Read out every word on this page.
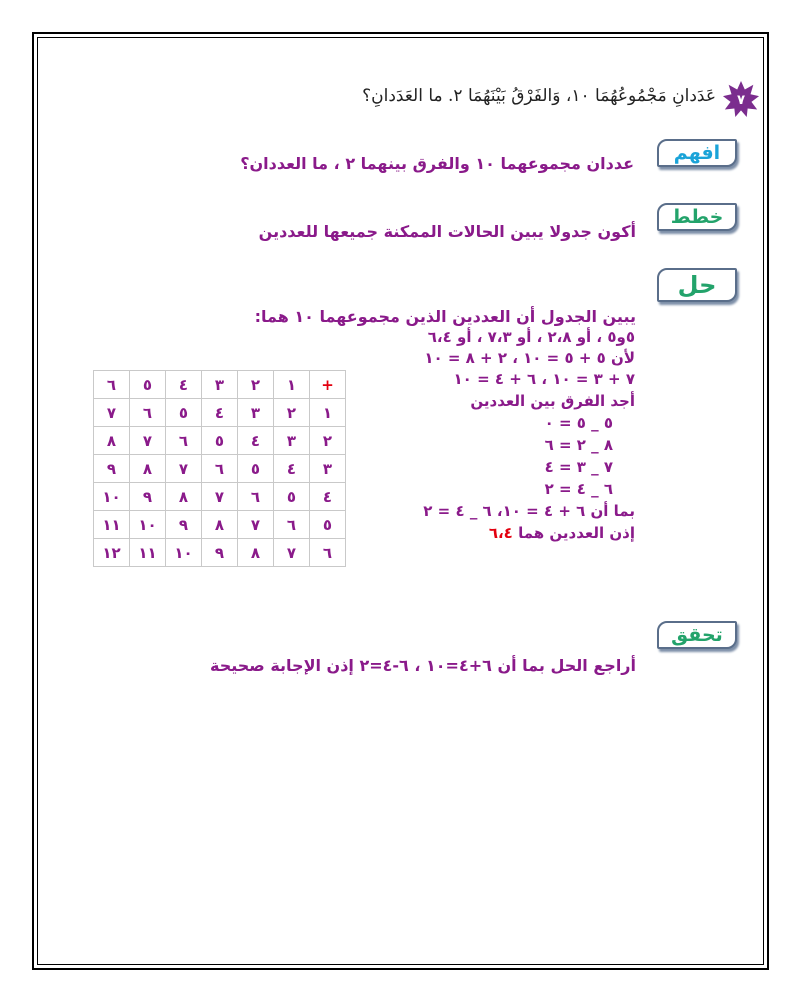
٧
عَدَدانِ مَجْمُوعُهُمَا ١٠، وَالفَرْقُ بَيْنَهُمَا ٢. ما العَدَدانِ؟
افهم
عددان مجموعهما ١٠ والفرق بينهما ٢ ، ما العددان؟
خطط
أكون جدولا يبين الحالات الممكنة جميعها للعددين
حل
يبين الجدول أن العددين الذين مجموعهما ١٠ هما:
٥و٥ ، أو ٢،٨ ، أو ٧،٣ ، أو ٦،٤
لأن ٥ + ٥ = ١٠ ، ٢ + ٨ = ١٠
٧ + ٣ = ١٠ ، ٦ + ٤ = ١٠
أجد الفرق بين العددين
٥ _ ٥ = ٠
٨ _ ٢ = ٦
٧ _ ٣ = ٤
٦ _ ٤ = ٢
بما أن ٦ + ٤ = ١٠، ٦ _ ٤ = ٢
إذن العددين هما ٦،٤
+	١	٢	٣	٤	٥	٦
١	٢	٣	٤	٥	٦	٧
٢	٣	٤	٥	٦	٧	٨
٣	٤	٥	٦	٧	٨	٩
٤	٥	٦	٧	٨	٩	١٠
٥	٦	٧	٨	٩	١٠	١١
٦	٧	٨	٩	١٠	١١	١٢
تحقق
أراجع الحل بما أن ٦+٤=١٠ ، ٦-٤=٢ إذن الإجابة صحيحة
